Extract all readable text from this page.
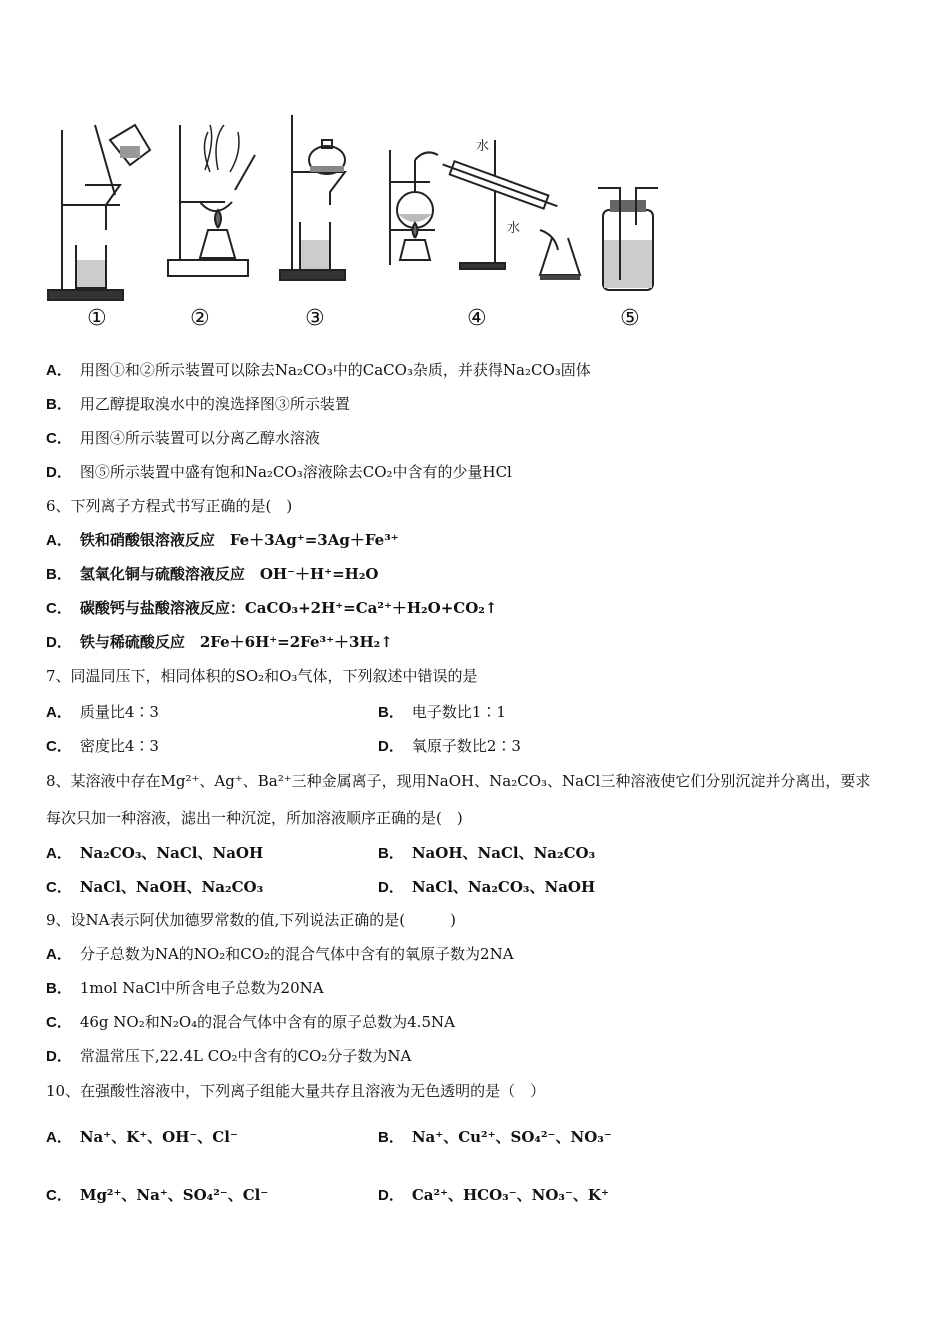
水
水
①	②	③	④	⑤
A． 用图①和②所示装置可以除去Na₂CO₃中的CaCO₃杂质，并获得Na₂CO₃固体
B． 用乙醇提取溴水中的溴选择图③所示装置
C． 用图④所示装置可以分离乙醇水溶液
D． 图⑤所示装置中盛有饱和Na₂CO₃溶液除去CO₂中含有的少量HCl
6、下列离子方程式书写正确的是(　)
A． 铁和硝酸银溶液反应　Fe＋3Ag⁺=3Ag＋Fe³⁺
B． 氢氧化铜与硫酸溶液反应　OH⁻＋H⁺=H₂O
C． 碳酸钙与盐酸溶液反应：CaCO₃+2H⁺=Ca²⁺＋H₂O+CO₂↑
D． 铁与稀硫酸反应　2Fe＋6H⁺=2Fe³⁺＋3H₂↑
7、同温同压下，相同体积的SO₂和O₃气体，下列叙述中错误的是
A． 质量比4∶3	B． 电子数比1∶1
C． 密度比4∶3	D． 氧原子数比2∶3
8、某溶液中存在Mg²⁺、Ag⁺、Ba²⁺三种金属离子，现用NaOH、Na₂CO₃、NaCl三种溶液使它们分别沉淀并分离出，要求
每次只加一种溶液，滤出一种沉淀，所加溶液顺序正确的是(　)
A． Na₂CO₃、NaCl、NaOH	B． NaOH、NaCl、Na₂CO₃
C． NaCl、NaOH、Na₂CO₃	D． NaCl、Na₂CO₃、NaOH
9、设NA表示阿伏加德罗常数的值,下列说法正确的是(　　　)
A． 分子总数为NA的NO₂和CO₂的混合气体中含有的氧原子数为2NA
B． 1mol NaCl中所含电子总数为20NA
C． 46g NO₂和N₂O₄的混合气体中含有的原子总数为4.5NA
D． 常温常压下,22.4L CO₂中含有的CO₂分子数为NA
10、在强酸性溶液中，下列离子组能大量共存且溶液为无色透明的是（　）
A． Na⁺、K⁺、OH⁻、Cl⁻	B． Na⁺、Cu²⁺、SO₄²⁻、NO₃⁻
C． Mg²⁺、Na⁺、SO₄²⁻、Cl⁻	D． Ca²⁺、HCO₃⁻、NO₃⁻、K⁺
